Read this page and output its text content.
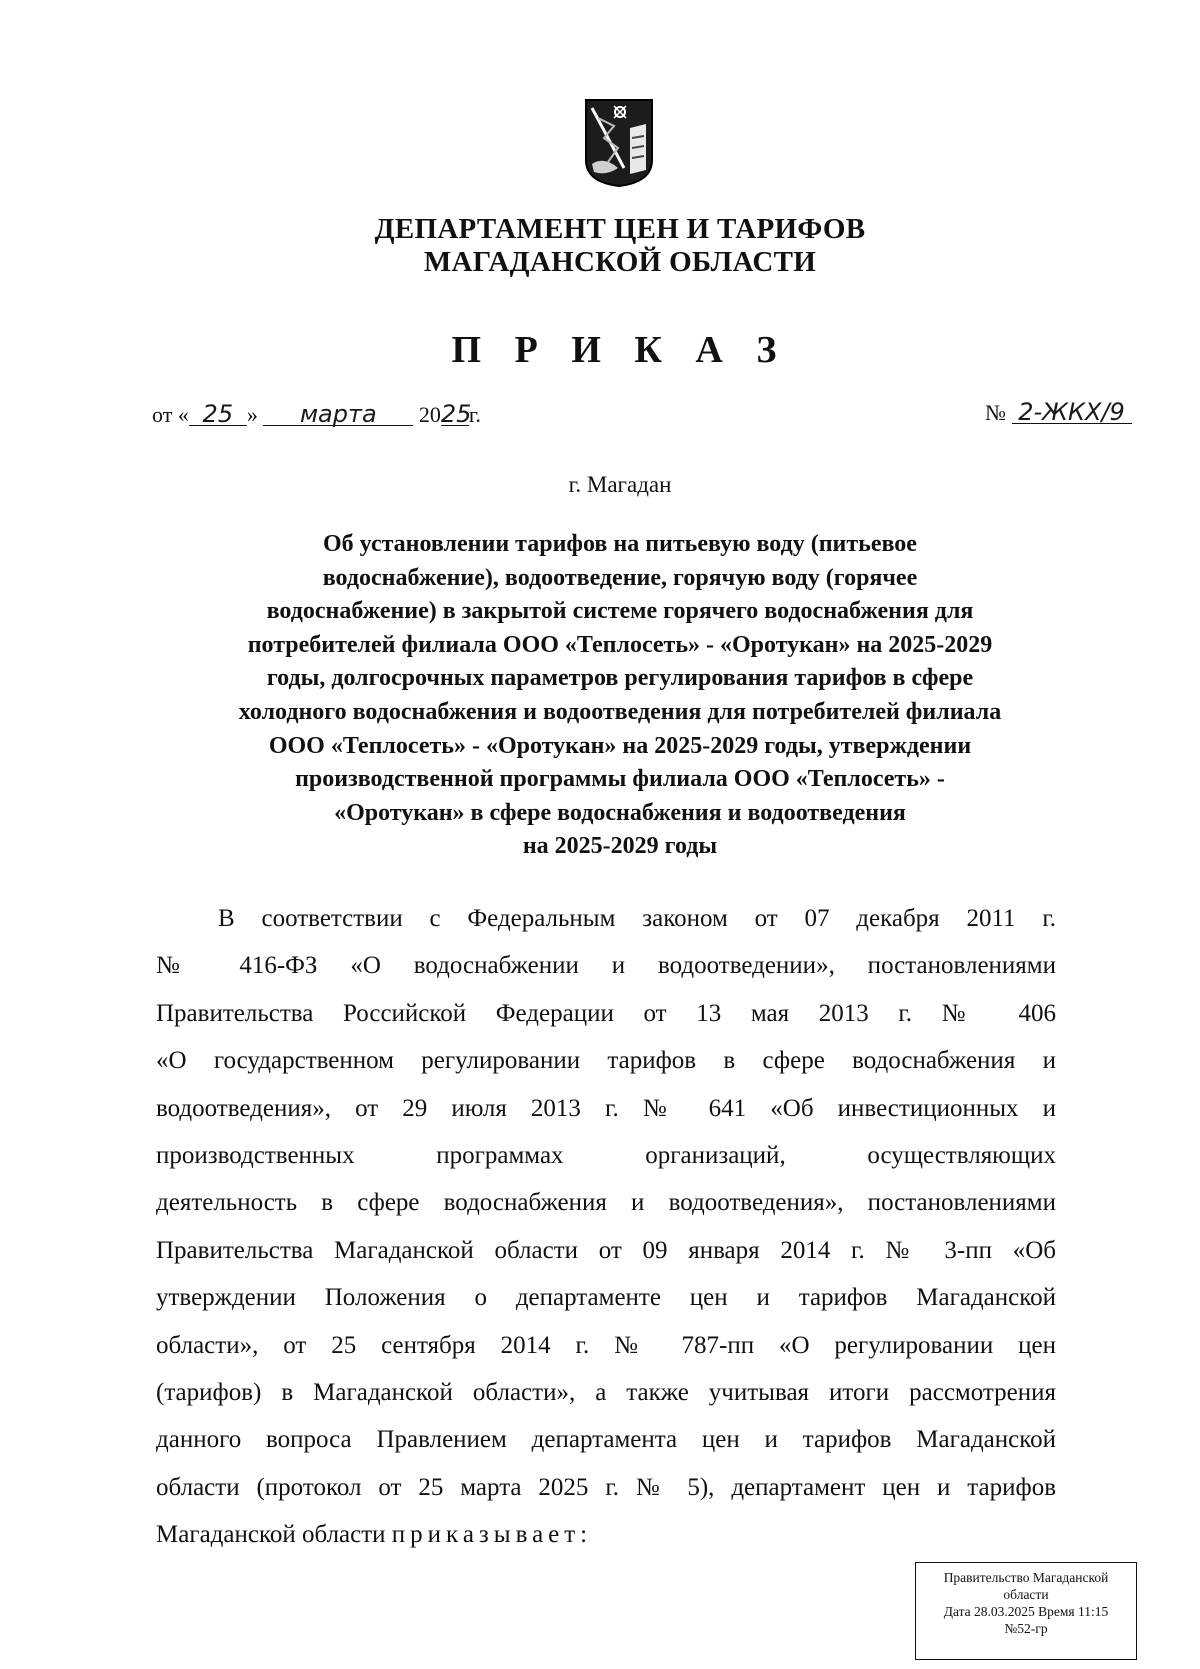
ДЕПАРТАМЕНТ ЦЕН И ТАРИФОВ
МАГАДАНСКОЙ ОБЛАСТИ
П Р И К А З
от « 25 » марта 2025г.	№ 2-ЖКХ/9
г. Магадан
Об установлении тарифов на питьевую воду (питьевое
водоснабжение), водоотведение, горячую воду (горячее
водоснабжение) в закрытой системе горячего водоснабжения для
потребителей филиала ООО «Теплосеть» - «Оротукан» на 2025-2029
годы, долгосрочных параметров регулирования тарифов в сфере
холодного водоснабжения и водоотведения для потребителей филиала
ООО «Теплосеть» - «Оротукан» на 2025-2029 годы, утверждении
производственной программы филиала ООО «Теплосеть» -
«Оротукан» в сфере водоснабжения и водоотведения
на 2025-2029 годы
В соответствии с Федеральным законом от 07 декабря 2011 г.
№ 416-ФЗ «О водоснабжении и водоотведении», постановлениями
Правительства Российской Федерации от 13 мая 2013 г. № 406
«О государственном регулировании тарифов в сфере водоснабжения и
водоотведения», от 29 июля 2013 г. № 641 «Об инвестиционных и
производственных программах организаций, осуществляющих
деятельность в сфере водоснабжения и водоотведения», постановлениями
Правительства Магаданской области от 09 января 2014 г. № 3-пп «Об
утверждении Положения о департаменте цен и тарифов Магаданской
области», от 25 сентября 2014 г. № 787-пп «О регулировании цен
(тарифов) в Магаданской области», а также учитывая итоги рассмотрения
данного вопроса Правлением департамента цен и тарифов Магаданской
области (протокол от 25 марта 2025 г. № 5), департамент цен и тарифов
Магаданской области приказывает:
Правительство Магаданской
области
Дата 28.03.2025 Время 11:15
№52-гр
